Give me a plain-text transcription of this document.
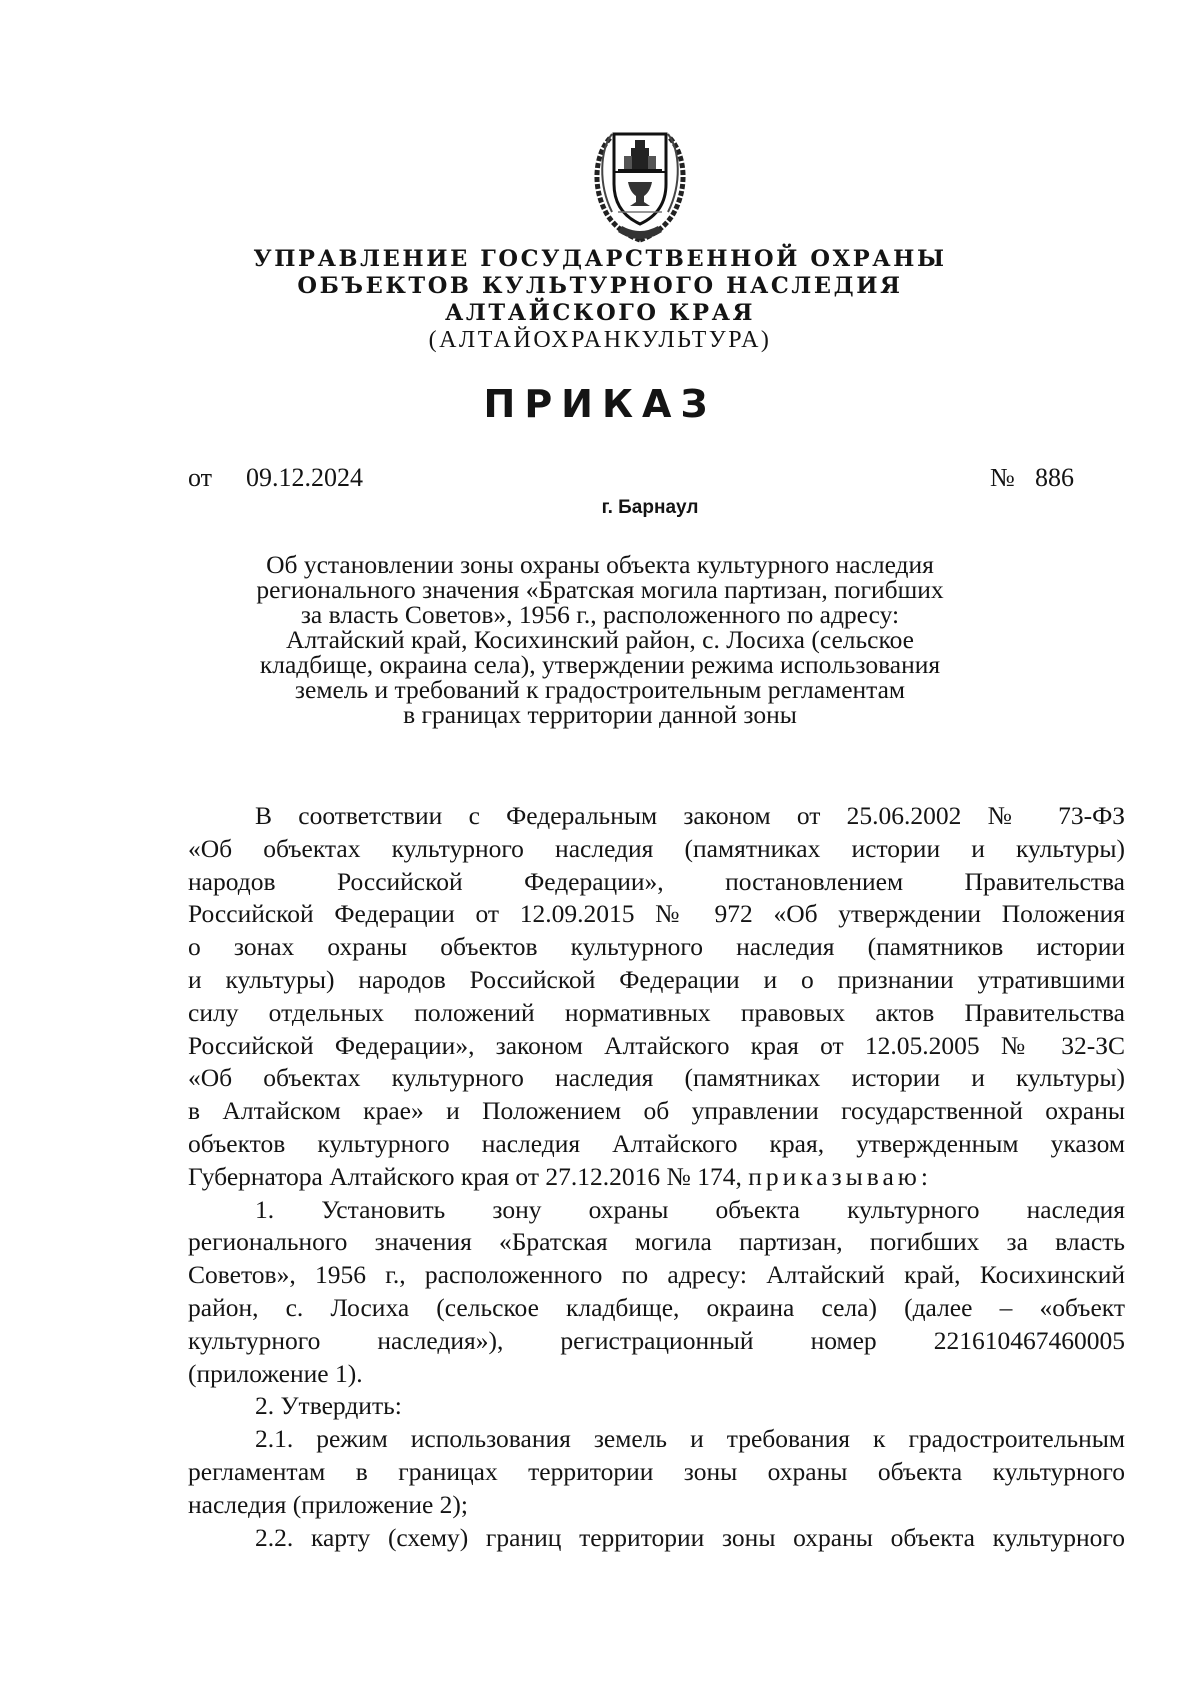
УПРАВЛЕНИЕ ГОСУДАРСТВЕННОЙ ОХРАНЫ
ОБЪЕКТОВ КУЛЬТУРНОГО НАСЛЕДИЯ
АЛТАЙСКОГО КРАЯ
(АЛТАЙОХРАНКУЛЬТУРА)
ПРИКАЗ
от 09.12.2024	№ 886
г. Барнаул
Об установлении зоны охраны объекта культурного наследия
регионального значения «Братская могила партизан, погибших
за власть Советов», 1956 г., расположенного по адресу:
Алтайский край, Косихинский район, с. Лосиха (сельское
кладбище, окраина села), утверждении режима использования
земель и требований к градостроительным регламентам
в границах территории данной зоны
В соответствии с Федеральным законом от 25.06.2002 № 73-ФЗ
«Об объектах культурного наследия (памятниках истории и культуры)
народов Российской Федерации», постановлением Правительства
Российской Федерации от 12.09.2015 № 972 «Об утверждении Положения
о зонах охраны объектов культурного наследия (памятников истории
и культуры) народов Российской Федерации и о признании утратившими
силу отдельных положений нормативных правовых актов Правительства
Российской Федерации», законом Алтайского края от 12.05.2005 № 32-ЗС
«Об объектах культурного наследия (памятниках истории и культуры)
в Алтайском крае» и Положением об управлении государственной охраны
объектов культурного наследия Алтайского края, утвержденным указом
Губернатора Алтайского края от 27.12.2016 № 174, приказываю:
1. Установить зону охраны объекта культурного наследия
регионального значения «Братская могила партизан, погибших за власть
Советов», 1956 г., расположенного по адресу: Алтайский край, Косихинский
район, с. Лосиха (сельское кладбище, окраина села) (далее – «объект
культурного наследия»), регистрационный номер 221610467460005
(приложение 1).
2. Утвердить:
2.1. режим использования земель и требования к градостроительным
регламентам в границах территории зоны охраны объекта культурного
наследия (приложение 2);
2.2. карту (схему) границ территории зоны охраны объекта культурного
